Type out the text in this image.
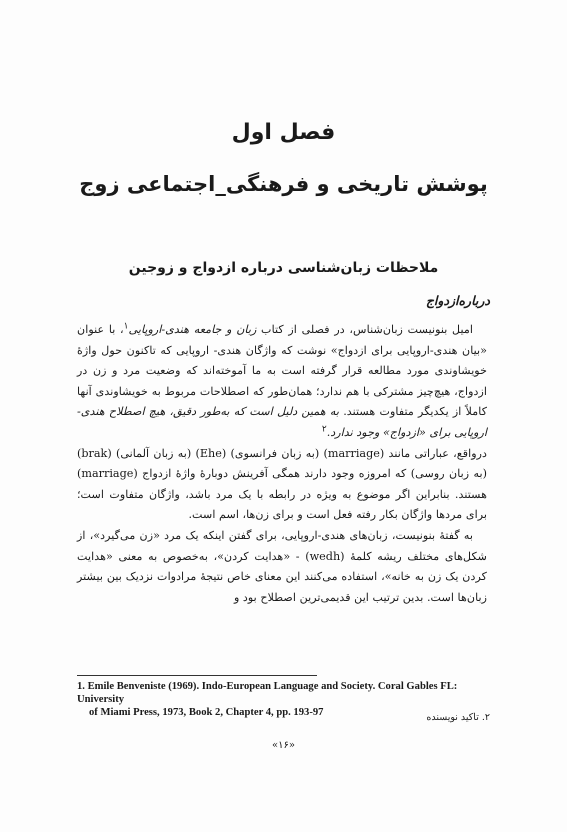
فصل اول
پوشش تاریخی و فرهنگی_اجتماعی زوج
ملاحظات زبان‌شناسی درباره ازدواج و زوجین
درباره‌ازدواج

امیل بنونیست زبان‌شناس، در فصلی از کتاب زبان و جامعه هندی-اروپایی$^۱$، با عنوان «بیان هندی-اروپایی برای ازدواج» نوشت که واژگان هندی- اروپایی که تاکنون حول واژهٔ خویشاوندی مورد مطالعه قرار گرفته است به ما آموخته‌اند که وضعیت مرد و زن در ازدواج، هیچ‌چیز مشترکی با هم ندارد؛ همان‌طور که اصطلاحات مربوط به خویشاوندی آنها کاملاً از یکدیگر متفاوت هستند. به همین دلیل است که به‌طور دقیق، هیچ اصطلاح هندی-اروپایی برای «ازدواج» وجود ندارد.$^۲$

درواقع، عباراتی مانند (marriage) (به زبان فرانسوی) (Ehe) (به زبان آلمانی) (brak) (به زبان روسی) که امروزه وجود دارند همگی آفرینش دوبارهٔ واژهٔ ازدواج (marriage) هستند. بنابراین اگر موضوع به ویژه در رابطه با یک مرد باشد، واژگان متفاوت است؛ برای مردها واژگان بکار رفته فعل است و برای زن‌ها، اسم است.

به گفتهٔ بنونیست، زبان‌های هندی-اروپایی، برای گفتن اینکه یک مرد «زن می‌گیرد»، از شکل‌های مختلف ریشه کلمهٔ (wedh) - «هدایت کردن»، به‌خصوص به معنی «هدایت کردن یک زن به خانه»، استفاده می‌کنند این معنای خاص نتیجهٔ مرادوات نزدیک بین بیشتر زبان‌ها است. بدین ترتیب این قدیمی‌ترین اصطلاح بود و

1. Emile Benveniste (1969). Indo-European Language and Society. Coral Gables FL: University
of Miami Press, 1973, Book 2, Chapter 4, pp. 193-97	۲. تاکید نویسنده
«۱۶»
